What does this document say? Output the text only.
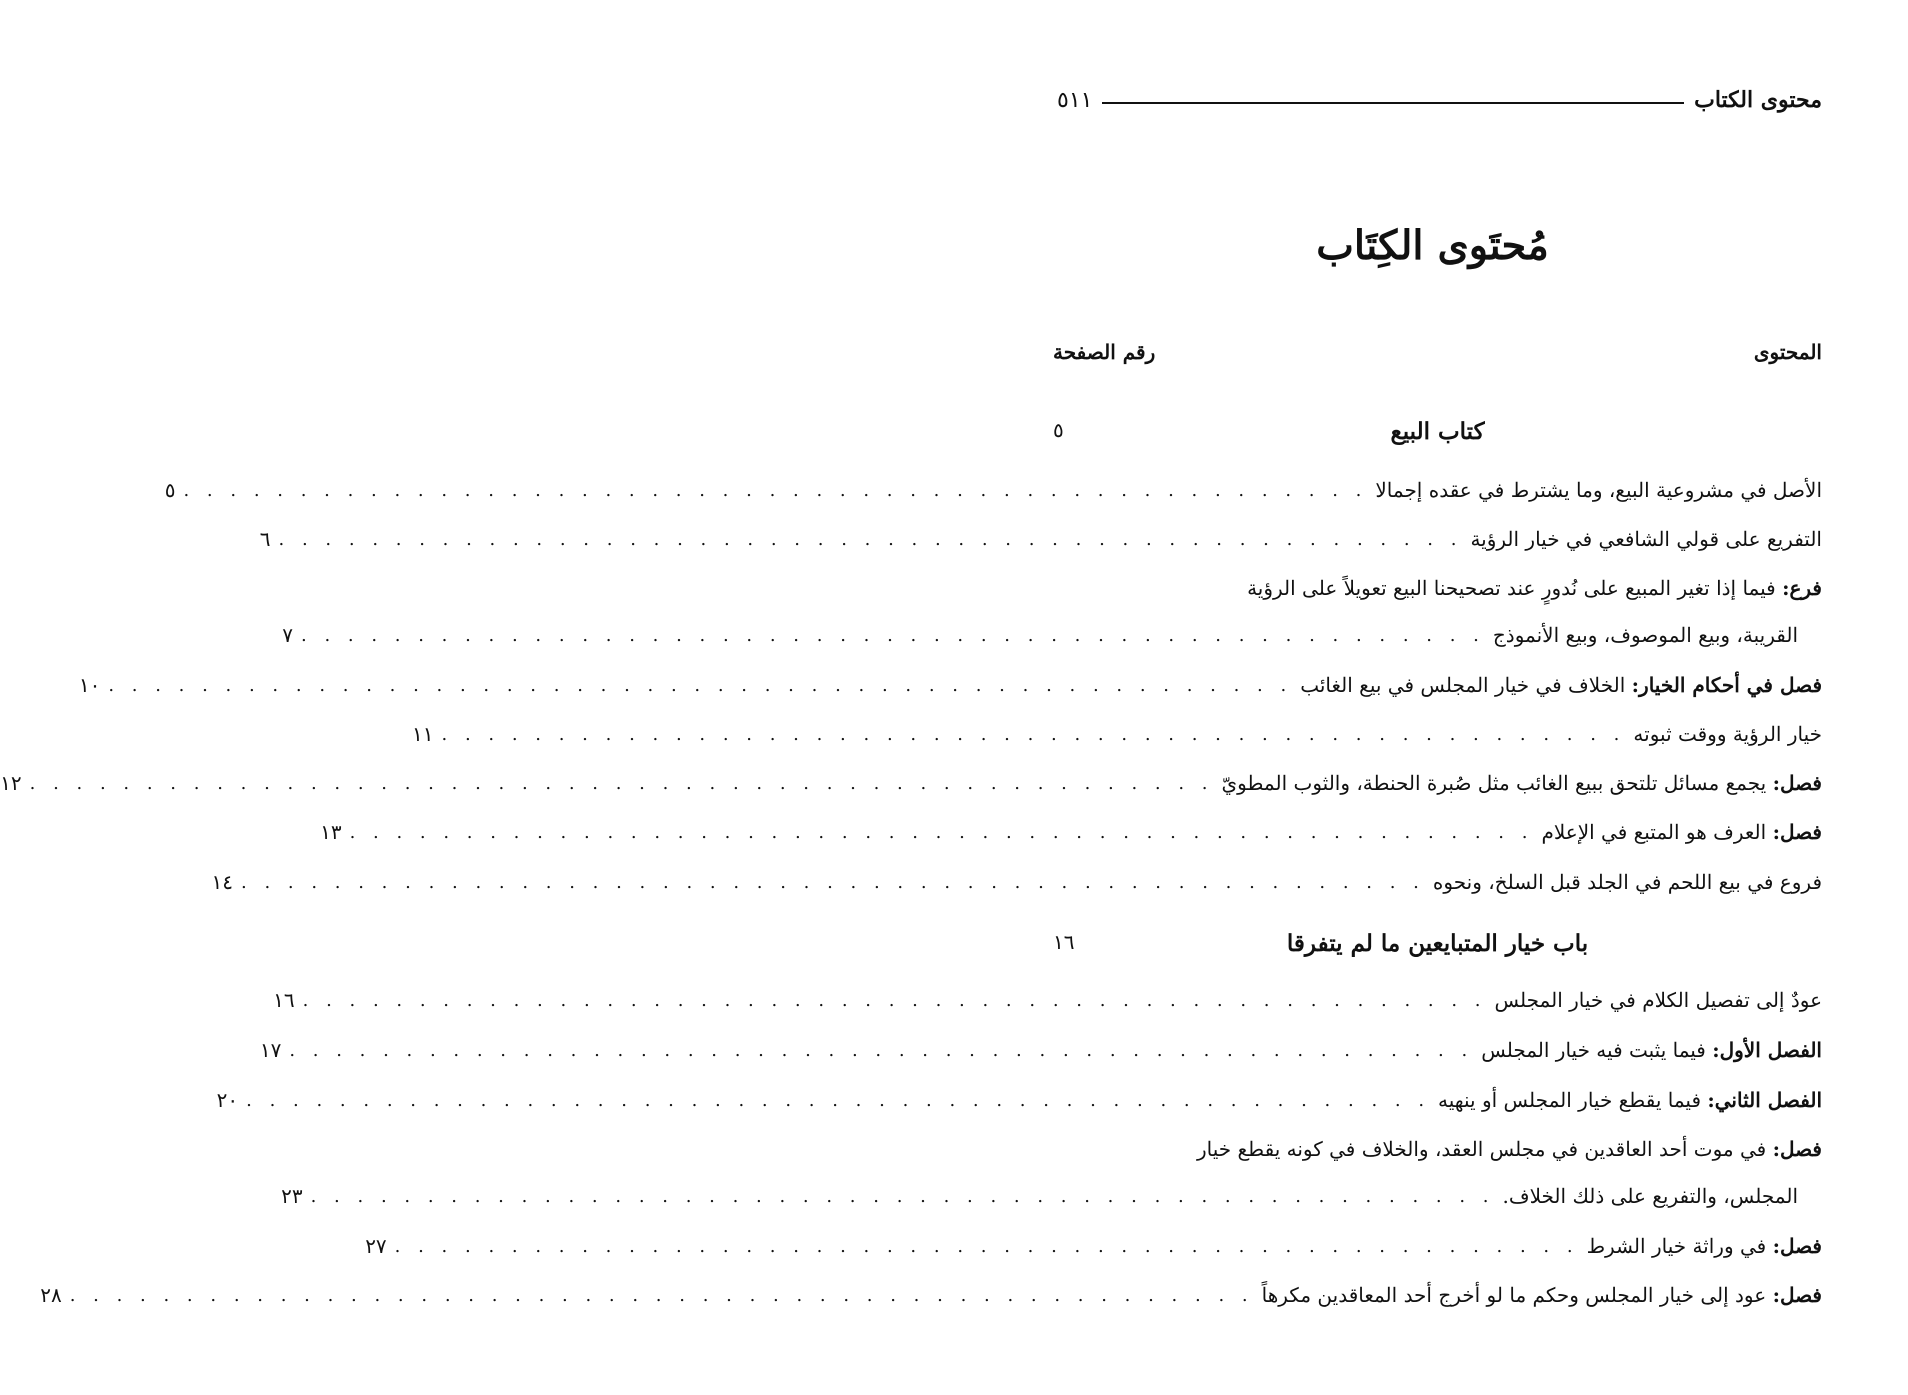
محتوى الكتاب
٥١١
مُحتَوى الكِتَاب
المحتوى
رقم الصفحة
كتاب البيع
٥
الأصل في مشروعية البيع، وما يشترط في عقده إجمالا
. . . . . . . . . . . . . . . . . . . . . . . . . . . . . . . . . . . . . . . . . . . . . . . . . . .
٥
التفريع على قولي الشافعي في خيار الرؤية
. . . . . . . . . . . . . . . . . . . . . . . . . . . . . . . . . . . . . . . . . . . . . . . . . . .
٦
فرع: فيما إذا تغير المبيع على نُدورٍ عند تصحيحنا البيع تعويلاً على الرؤية
القريبة، وبيع الموصوف، وبيع الأنموذج
. . . . . . . . . . . . . . . . . . . . . . . . . . . . . . . . . . . . . . . . . . . . . . . . . . .
٧
فصل في أحكام الخيار: الخلاف في خيار المجلس في بيع الغائب
. . . . . . . . . . . . . . . . . . . . . . . . . . . . . . . . . . . . . . . . . . . . . . . . . . .
١٠
خيار الرؤية ووقت ثبوته
. . . . . . . . . . . . . . . . . . . . . . . . . . . . . . . . . . . . . . . . . . . . . . . . . . .
١١
فصل: يجمع مسائل تلتحق ببيع الغائب مثل صُبرة الحنطة، والثوب المطويّ
. . . . . . . . . . . . . . . . . . . . . . . . . . . . . . . . . . . . . . . . . . . . . . . . . . .
١٢
فصل: العرف هو المتبع في الإعلام
. . . . . . . . . . . . . . . . . . . . . . . . . . . . . . . . . . . . . . . . . . . . . . . . . . .
١٣
فروع في بيع اللحم في الجلد قبل السلخ، ونحوه
. . . . . . . . . . . . . . . . . . . . . . . . . . . . . . . . . . . . . . . . . . . . . . . . . . .
١٤
باب خيار المتبايعين ما لم يتفرقا
١٦
عودٌ إلى تفصيل الكلام في خيار المجلس
. . . . . . . . . . . . . . . . . . . . . . . . . . . . . . . . . . . . . . . . . . . . . . . . . . .
١٦
الفصل الأول: فيما يثبت فيه خيار المجلس
. . . . . . . . . . . . . . . . . . . . . . . . . . . . . . . . . . . . . . . . . . . . . . . . . . .
١٧
الفصل الثاني: فيما يقطع خيار المجلس أو ينهيه
. . . . . . . . . . . . . . . . . . . . . . . . . . . . . . . . . . . . . . . . . . . . . . . . . . .
٢٠
فصل: في موت أحد العاقدين في مجلس العقد، والخلاف في كونه يقطع خيار
المجلس، والتفريع على ذلك الخلاف.
. . . . . . . . . . . . . . . . . . . . . . . . . . . . . . . . . . . . . . . . . . . . . . . . . . .
٢٣
فصل: في وراثة خيار الشرط
. . . . . . . . . . . . . . . . . . . . . . . . . . . . . . . . . . . . . . . . . . . . . . . . . . .
٢٧
فصل: عود إلى خيار المجلس وحكم ما لو أخرج أحد المعاقدين مكرهاً
. . . . . . . . . . . . . . . . . . . . . . . . . . . . . . . . . . . . . . . . . . . . . . . . . . .
٢٨
